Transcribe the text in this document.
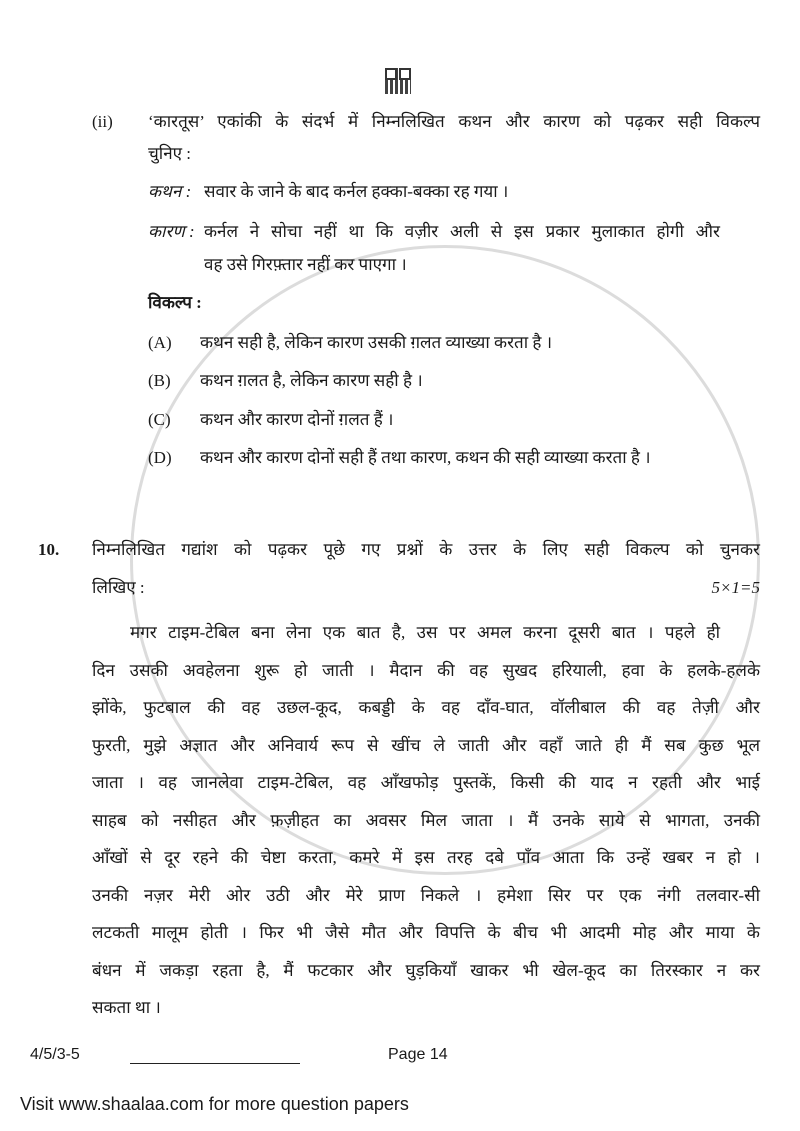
(ii)	‘कारतूस’ एकांकी के संदर्भ में निम्नलिखित कथन और कारण को पढ़कर सही विकल्प
चुनिए :
कथन : सवार के जाने के बाद कर्नल हक्का-बक्का रह गया ।
कारण : कर्नल ने सोचा नहीं था कि वज़ीर अली से इस प्रकार मुलाकात होगी और
वह उसे गिरफ़्तार नहीं कर पाएगा ।
विकल्प :
(A)	कथन सही है, लेकिन कारण उसकी ग़लत व्याख्या करता है ।
(B)	कथन ग़लत है, लेकिन कारण सही है ।
(C)	कथन और कारण दोनों ग़लत हैं ।
(D)	कथन और कारण दोनों सही हैं तथा कारण, कथन की सही व्याख्या करता है ।
10.	निम्नलिखित गद्यांश को पढ़कर पूछे गए प्रश्नों के उत्तर के लिए सही विकल्प को चुनकर
लिखिए :	5×1=5
मगर टाइम-टेबिल बना लेना एक बात है, उस पर अमल करना दूसरी बात । पहले ही
दिन उसकी अवहेलना शुरू हो जाती । मैदान की वह सुखद हरियाली, हवा के हलके-हलके
झोंके, फुटबाल की वह उछल-कूद, कबड्डी के वह दाँव-घात, वॉलीबाल की वह तेज़ी और
फुरती, मुझे अज्ञात और अनिवार्य रूप से खींच ले जाती और वहाँ जाते ही मैं सब कुछ भूल
जाता । वह जानलेवा टाइम-टेबिल, वह आँखफोड़ पुस्तकें, किसी की याद न रहती और भाई
साहब को नसीहत और फ़ज़ीहत का अवसर मिल जाता । मैं उनके साये से भागता, उनकी
आँखों से दूर रहने की चेष्टा करता, कमरे में इस तरह दबे पाँव आता कि उन्हें खबर न हो ।
उनकी नज़र मेरी ओर उठी और मेरे प्राण निकले । हमेशा सिर पर एक नंगी तलवार-सी
लटकती मालूम होती । फिर भी जैसे मौत और विपत्ति के बीच भी आदमी मोह और माया के
बंधन में जकड़ा रहता है, मैं फटकार और घुड़कियाँ खाकर भी खेल-कूद का तिरस्कार न कर
सकता था ।
4/5/3-5	Page 14
Visit www.shaalaa.com for more question papers
